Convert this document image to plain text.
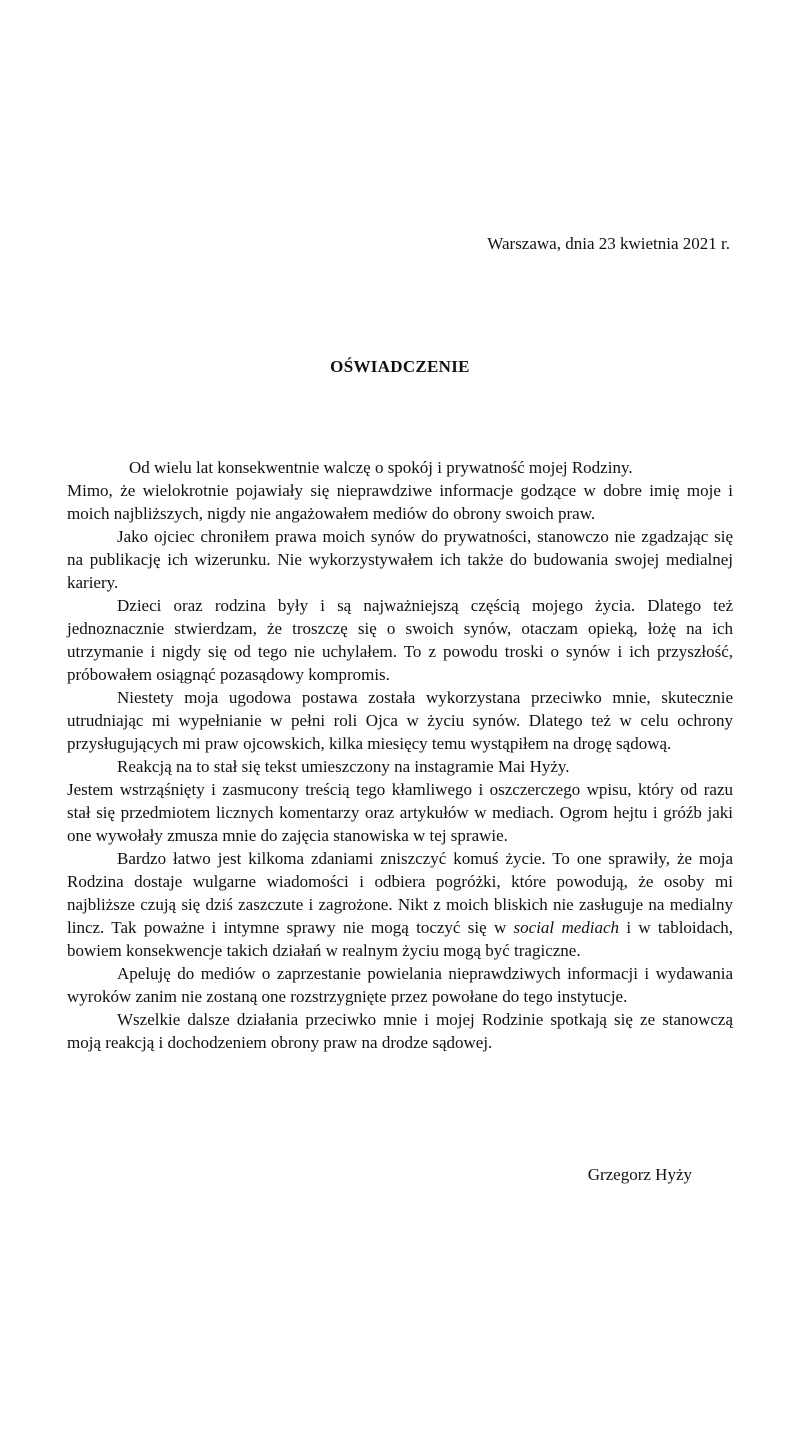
Warszawa, dnia 23 kwietnia 2021 r.
OŚWIADCZENIE

Od wielu lat konsekwentnie walczę o spokój i prywatność mojej Rodziny.

Mimo, że wielokrotnie pojawiały się nieprawdziwe informacje godzące w dobre imię moje i moich najbliższych, nigdy nie angażowałem mediów do obrony swoich praw.

Jako ojciec chroniłem prawa moich synów do prywatności, stanowczo nie zgadzając się na publikację ich wizerunku. Nie wykorzystywałem ich także do budowania swojej medialnej kariery.

Dzieci oraz rodzina były i są najważniejszą częścią mojego życia. Dlatego też jednoznacznie stwierdzam, że troszczę się o swoich synów, otaczam opieką, łożę na ich utrzymanie i nigdy się od tego nie uchylałem. To z powodu troski o synów i ich przyszłość, próbowałem osiągnąć pozasądowy kompromis.

Niestety moja ugodowa postawa została wykorzystana przeciwko mnie, skutecznie utrudniając mi wypełnianie w pełni roli Ojca w życiu synów. Dlatego też w celu ochrony przysługujących mi praw ojcowskich, kilka miesięcy temu wystąpiłem na drogę sądową.

Reakcją na to stał się tekst umieszczony na instagramie Mai Hyży.

Jestem wstrząśnięty i zasmucony treścią tego kłamliwego i oszczerczego wpisu, który od razu stał się przedmiotem licznych komentarzy oraz artykułów w mediach. Ogrom hejtu i gróźb jaki one wywołały zmusza mnie do zajęcia stanowiska w tej sprawie.

Bardzo łatwo jest kilkoma zdaniami zniszczyć komuś życie. To one sprawiły, że moja Rodzina dostaje wulgarne wiadomości i odbiera pogróżki, które powodują, że osoby mi najbliższe czują się dziś zaszczute i zagrożone. Nikt z moich bliskich nie zasługuje na medialny lincz. Tak poważne i intymne sprawy nie mogą toczyć się w social mediach i w tabloidach, bowiem konsekwencje takich działań w realnym życiu mogą być tragiczne.

Apeluję do mediów o zaprzestanie powielania nieprawdziwych informacji i wydawania wyroków zanim nie zostaną one rozstrzygnięte przez powołane do tego instytucje.

Wszelkie dalsze działania przeciwko mnie i mojej Rodzinie spotkają się ze stanowczą moją reakcją i dochodzeniem obrony praw na drodze sądowej.

Grzegorz Hyży
